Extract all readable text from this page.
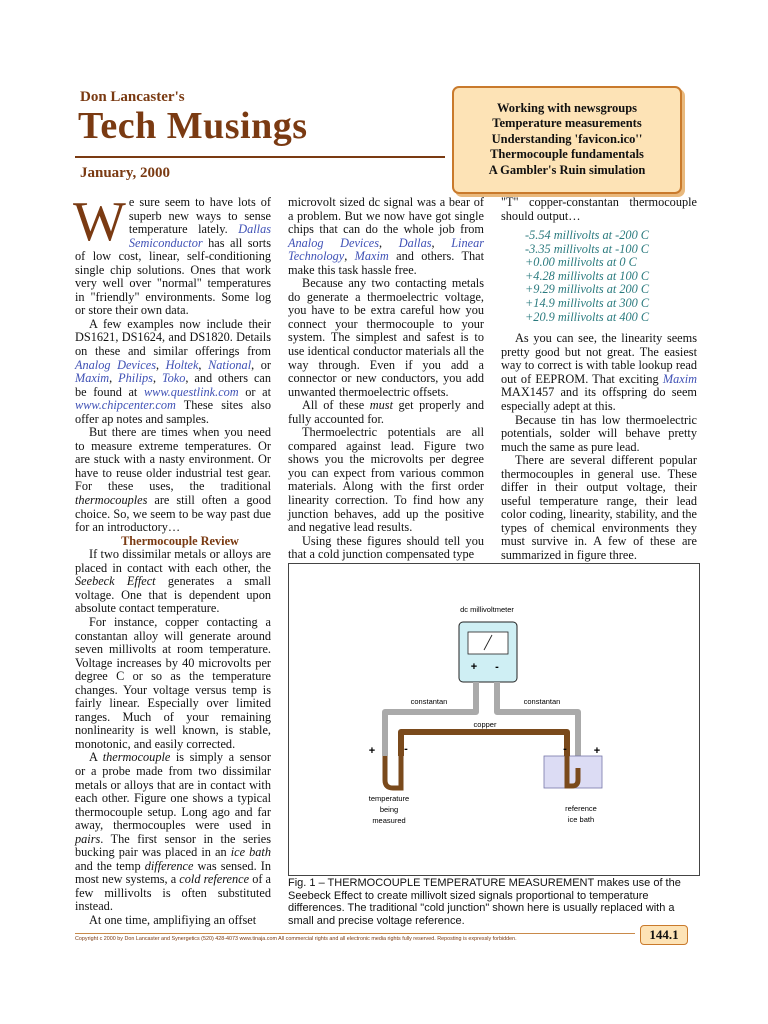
Don Lancaster's
Tech Musings
January, 2000
Working with newsgroups
Temperature measurements
Understanding 'favicon.ico''
Thermocouple fundamentals
A Gambler's Ruin simulation

We sure seem to have lots of superb new ways to sense temperature lately. Dallas Semiconductor has all sorts of low cost, linear, self-conditioning single chip solutions. Ones that work very well over "normal" temperatures in "friendly" environments. Some log or store their own data.

A few examples now include their DS1621, DS1624, and DS1820. Details on these and similar offerings from Analog Devices, Holtek, National, or Maxim, Philips, Toko, and others can be found at www.questlink.com or at www.chipcenter.com These sites also offer ap notes and samples.

But there are times when you need to measure extreme temperatures. Or are stuck with a nasty environment. Or have to reuse older industrial test gear. For these uses, the traditional thermocouples are still often a good choice. So, we seem to be way past due for an introductory…

Thermocouple Review

If two dissimilar metals or alloys are placed in contact with each other, the Seebeck Effect generates a small voltage. One that is dependent upon absolute contact temperature.

For instance, copper contacting a constantan alloy will generate around seven millivolts at room temperature. Voltage increases by 40 microvolts per degree C or so as the temperature changes. Your voltage versus temp is fairly linear. Especially over limited ranges. Much of your remaining nonlinearity is well known, is stable, monotonic, and easily corrected.

A thermocouple is simply a sensor or a probe made from two dissimilar metals or alloys that are in contact with each other. Figure one shows a typical thermocouple setup. Long ago and far away, thermocouples were used in pairs. The first sensor in the series bucking pair was placed in an ice bath and the temp difference was sensed. In most new systems, a cold reference of a few millivolts is often substituted instead.

At one time, amplifiying an offset

microvolt sized dc signal was a bear of a problem. But we now have got single chips that can do the whole job from Analog Devices, Dallas, Linear Technology, Maxim and others. That make this task hassle free.

Because any two contacting metals do generate a thermoelectric voltage, you have to be extra careful how you connect your thermocouple to your system. The simplest and safest is to use identical conductor materials all the way through. Even if you add a connector or new conductors, you add unwanted thermoelectric offsets.

All of these must get properly and fully accounted for.

Thermoelectric potentials are all compared against lead. Figure two shows you the microvolts per degree you can expect from various common materials. Along with the first order linearity correction. To find how any junction behaves, add up the positive and negative lead results.

Using these figures should tell you that a cold junction compensated type

"T" copper-constantan thermocouple should output…

-5.54 millivolts at -200 C
-3.35 millivolts at -100 C
+0.00 millivolts at 0 C
+4.28 millivolts at 100 C
+9.29 millivolts at 200 C
+14.9 millivolts at 300 C
+20.9 millivolts at 400 C

As you can see, the linearity seems pretty good but not great. The easiest way to correct is with table lookup read out of EEPROM. That exciting Maxim MAX1457 and its offspring do seem especially adept at this.

Because tin has low thermoelectric potentials, solder will behave pretty much the same as pure lead.

There are several different popular thermocouples in general use. These differ in their output voltage, their useful temperature range, their lead color coding, linearity, stability, and the types of chemical environments they must survive in. A few of these are summarized in figure three.

dc millivoltmeter
+ -
constantan	constantan
copper
+	-	- +
temperature
being
measured
reference
ice bath
Fig. 1 – THERMOCOUPLE TEMPERATURE MEASUREMENT makes use of the Seebeck Effect to create millivolt sized signals proportional to temperature differences. The traditional "cold junction" shown here is usually replaced with a small and precise voltage reference.
Copyright c 2000 by Don Lancaster and Synergetics (520) 428-4073 www.tinaja.com All commercial rights and all electronic media rights fully reserved. Reposting is expressly forbidden.	144.1
